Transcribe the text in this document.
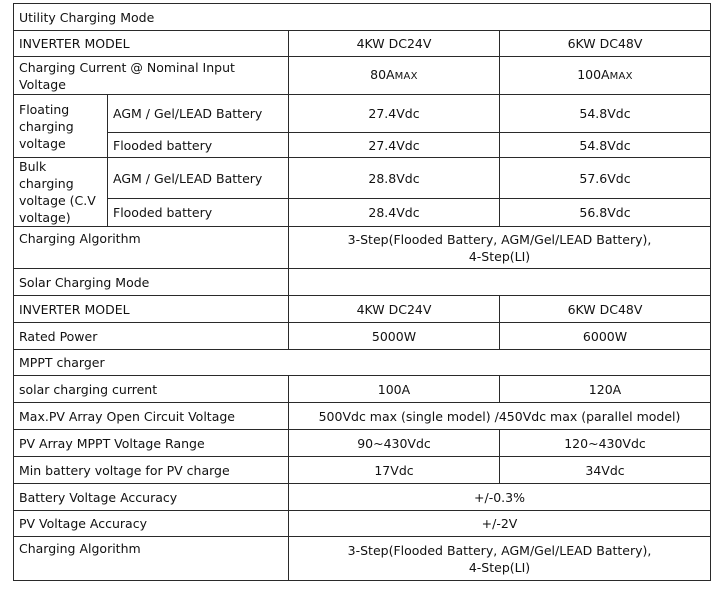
Utility Charging Mode			
INVERTER MODEL		4KW DC24V	6KW DC48V
Charging Current @ Nominal Input Voltage		80AMAX	100AMAX
Floating charging voltage	AGM / Gel/LEAD Battery	27.4Vdc	54.8Vdc
	Flooded battery	27.4Vdc	54.8Vdc
Bulk charging voltage (C.V voltage)	AGM / Gel/LEAD Battery	28.8Vdc	57.6Vdc
	Flooded battery	28.4Vdc	56.8Vdc
Charging Algorithm		3-Step(Flooded Battery, AGM/Gel/LEAD Battery),
4-Step(LI)	

Solar Charging Mode			
INVERTER MODEL		4KW DC24V	6KW DC48V
Rated Power		5000W	6000W
MPPT charger			
solar charging current		100A	120A
Max.PV Array Open Circuit Voltage		500Vdc max (single model) /450Vdc max (parallel model)	
PV Array MPPT Voltage Range		90~430Vdc	120~430Vdc
Min battery voltage for PV charge		17Vdc	34Vdc
Battery Voltage Accuracy		+/-0.3%	
PV Voltage Accuracy		+/-2V	
Charging Algorithm		3-Step(Flooded Battery, AGM/Gel/LEAD Battery),
4-Step(LI)	
